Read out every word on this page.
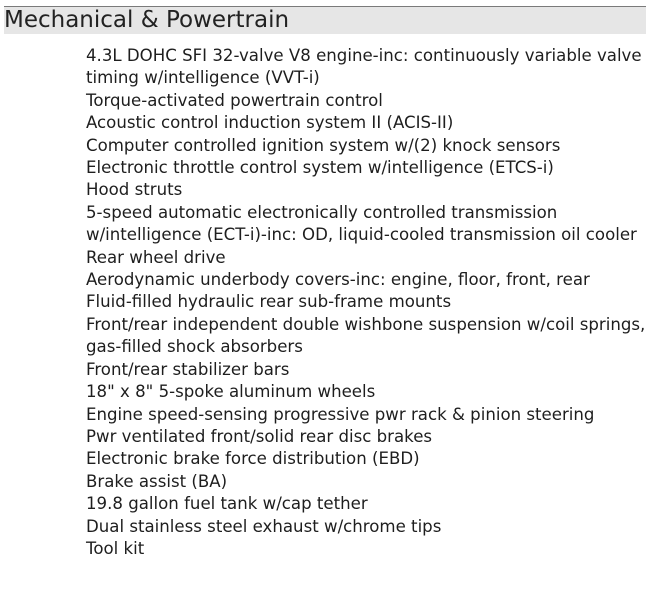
Mechanical & Powertrain
4.3L DOHC SFI 32-valve V8 engine-inc: continuously variable valve timing w/intelligence (VVT-i)
Torque-activated powertrain control
Acoustic control induction system II (ACIS-II)
Computer controlled ignition system w/(2) knock sensors
Electronic throttle control system w/intelligence (ETCS-i)
Hood struts
5-speed automatic electronically controlled transmission w/intelligence (ECT-i)-inc: OD, liquid-cooled transmission oil cooler
Rear wheel drive
Aerodynamic underbody covers-inc: engine, floor, front, rear
Fluid-filled hydraulic rear sub-frame mounts
Front/rear independent double wishbone suspension w/coil springs, gas-filled shock absorbers
Front/rear stabilizer bars
18" x 8" 5-spoke aluminum wheels
Engine speed-sensing progressive pwr rack & pinion steering
Pwr ventilated front/solid rear disc brakes
Electronic brake force distribution (EBD)
Brake assist (BA)
19.8 gallon fuel tank w/cap tether
Dual stainless steel exhaust w/chrome tips
Tool kit
